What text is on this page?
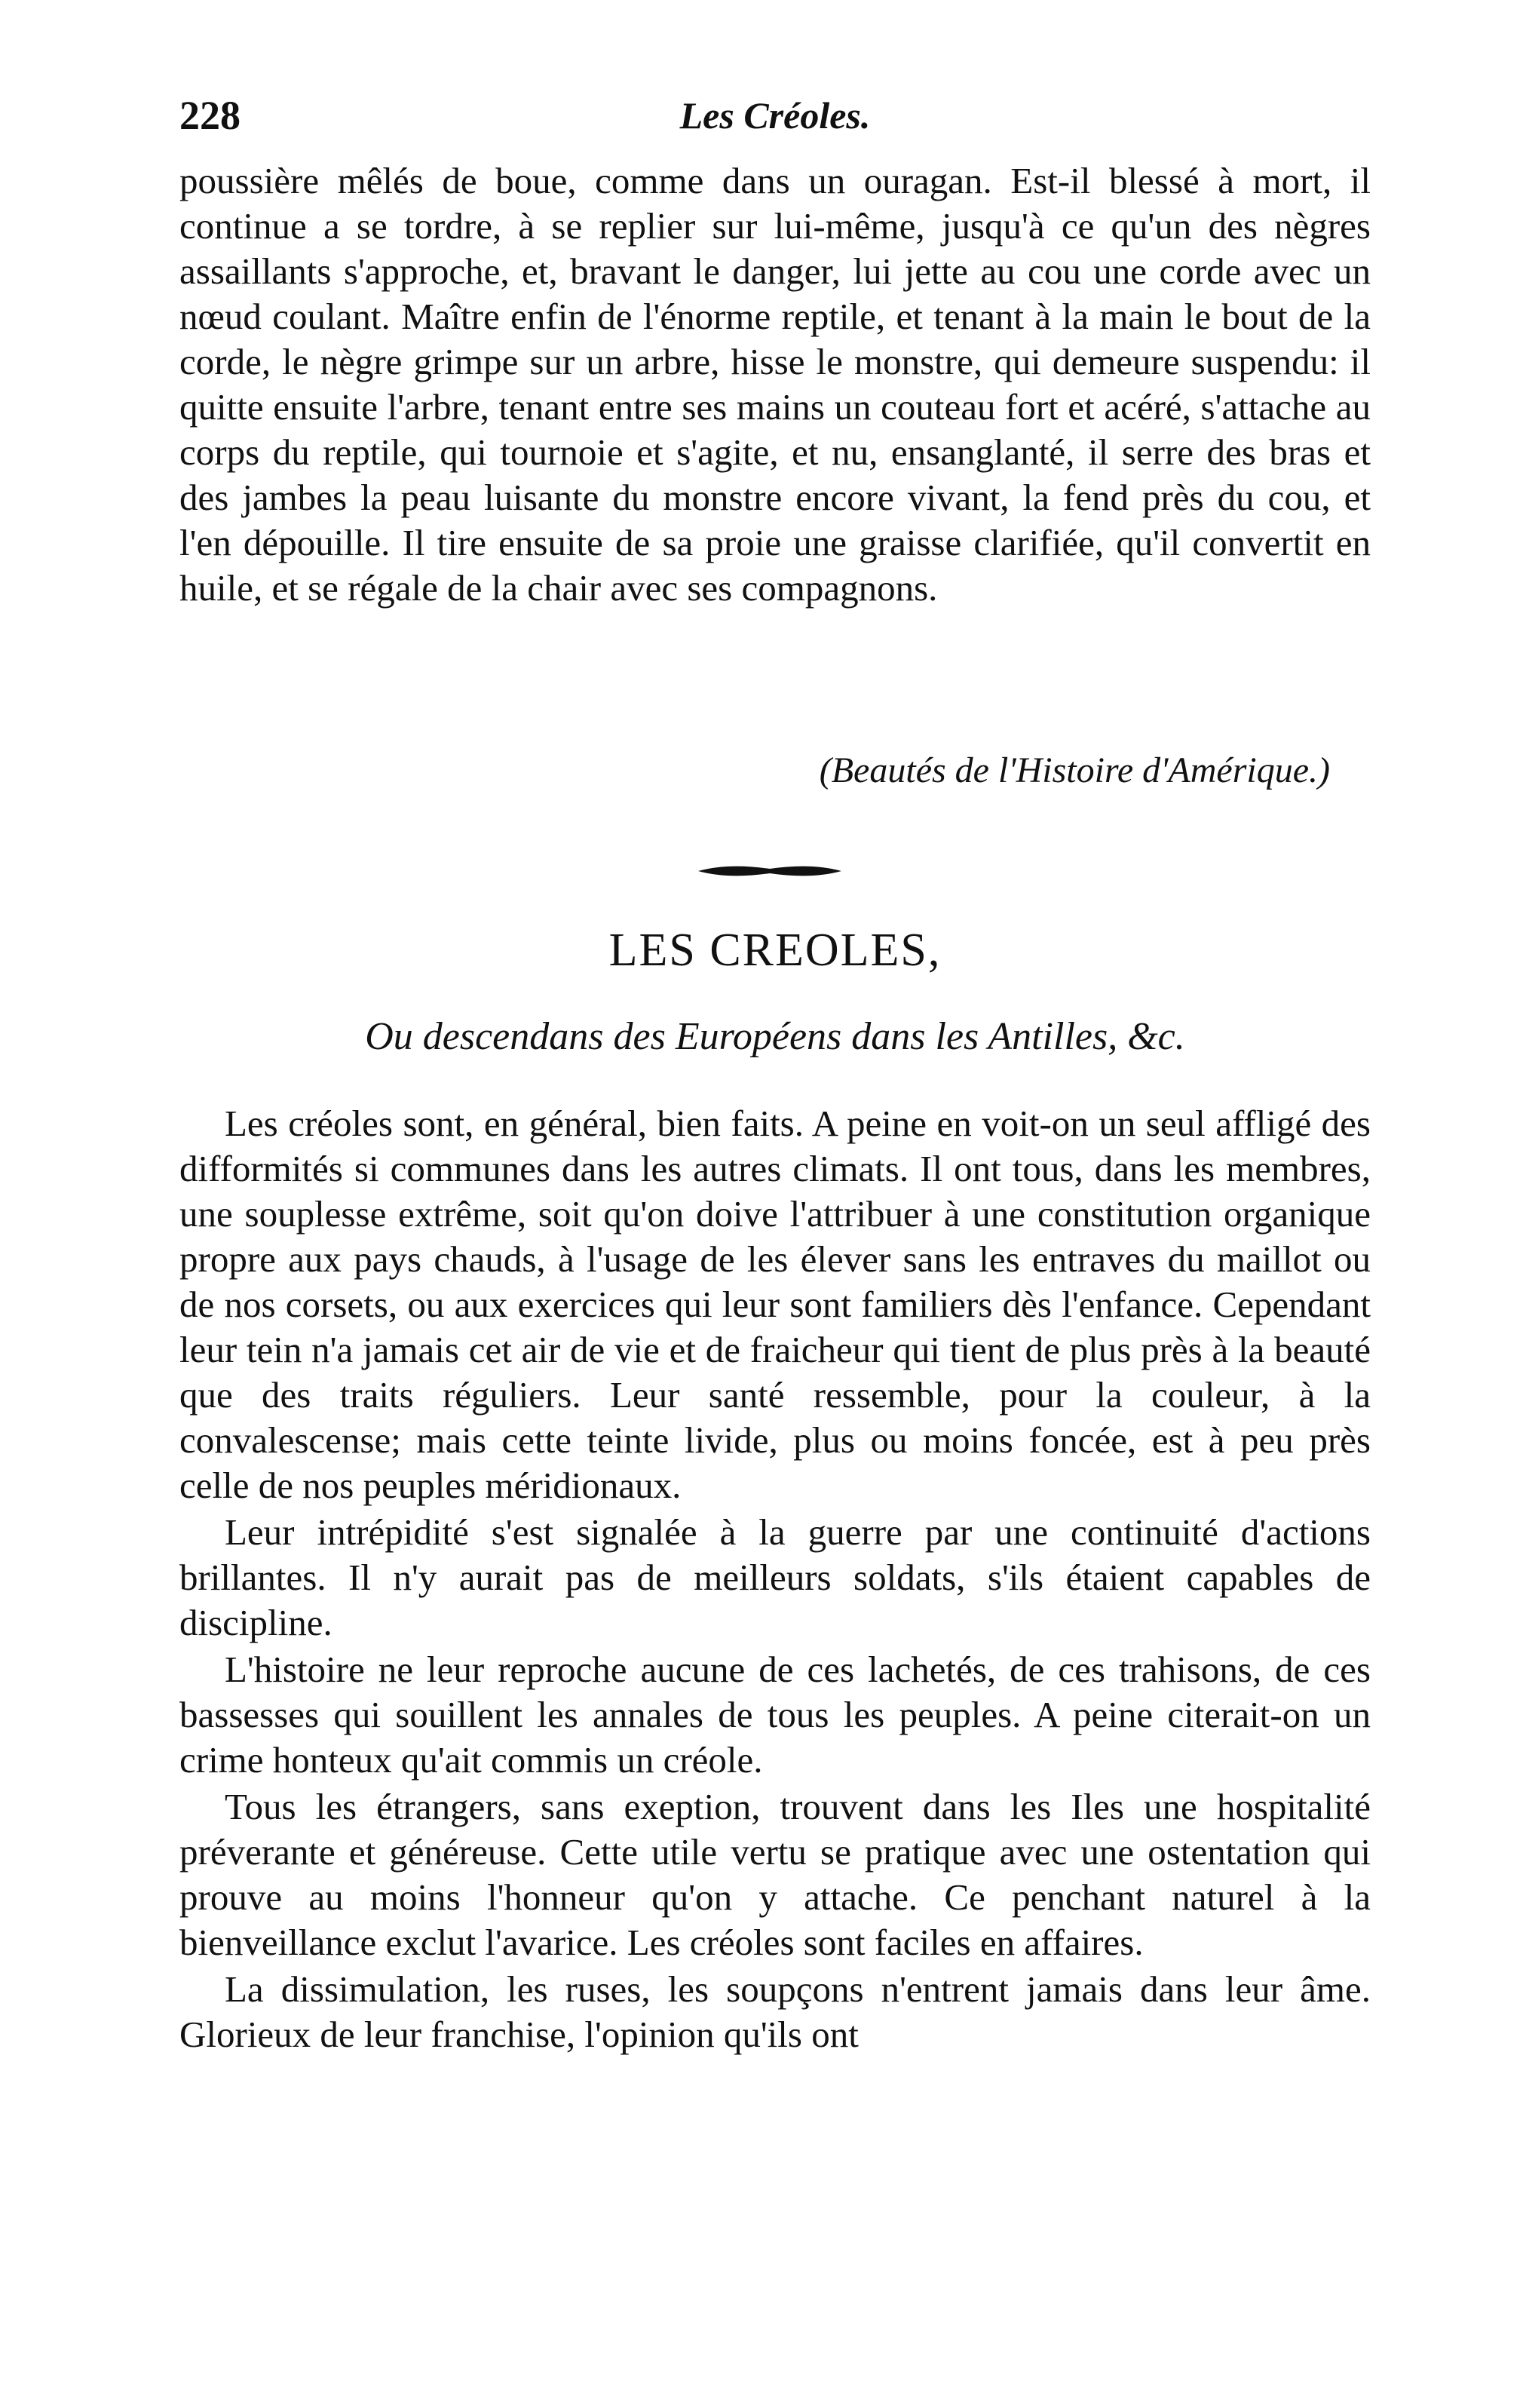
228	Les Créoles.

poussière mêlés de boue, comme dans un ouragan. Est-il blessé à mort, il continue a se tordre, à se replier sur lui-même, jusqu'à ce qu'un des nègres assaillants s'approche, et, bravant le danger, lui jette au cou une corde avec un nœud coulant. Maître enfin de l'énorme reptile, et tenant à la main le bout de la corde, le nègre grimpe sur un arbre, hisse le monstre, qui demeure suspendu: il quitte ensuite l'arbre, tenant entre ses mains un couteau fort et acéré, s'attache au corps du reptile, qui tournoie et s'agite, et nu, ensanglanté, il serre des bras et des jambes la peau luisante du monstre encore vivant, la fend près du cou, et l'en dépouille. Il tire ensuite de sa proie une graisse clarifiée, qu'il convertit en huile, et se régale de la chair avec ses compagnons.

(Beautés de l'Histoire d'Amérique.)
LES CREOLES,
Ou descendans des Européens dans les Antilles, &c.

Les créoles sont, en général, bien faits. A peine en voit-on un seul affligé des difformités si communes dans les autres climats. Il ont tous, dans les membres, une souplesse extrême, soit qu'on doive l'attribuer à une constitution organique propre aux pays chauds, à l'usage de les élever sans les entraves du maillot ou de nos corsets, ou aux exercices qui leur sont familiers dès l'enfance. Cependant leur tein n'a jamais cet air de vie et de fraicheur qui tient de plus près à la beauté que des traits réguliers. Leur santé ressemble, pour la couleur, à la convalescense; mais cette teinte livide, plus ou moins foncée, est à peu près celle de nos peuples méridionaux.

Leur intrépidité s'est signalée à la guerre par une continuité d'actions brillantes. Il n'y aurait pas de meilleurs soldats, s'ils étaient capables de discipline.

L'histoire ne leur reproche aucune de ces lachetés, de ces trahisons, de ces bassesses qui souillent les annales de tous les peuples. A peine citerait-on un crime honteux qu'ait commis un créole.

Tous les étrangers, sans exeption, trouvent dans les Iles une hospitalité préverante et généreuse. Cette utile vertu se pratique avec une ostentation qui prouve au moins l'honneur qu'on y attache. Ce penchant naturel à la bienveillance exclut l'avarice. Les créoles sont faciles en affaires.

La dissimulation, les ruses, les soupçons n'entrent jamais dans leur âme. Glorieux de leur franchise, l'opinion qu'ils ont
